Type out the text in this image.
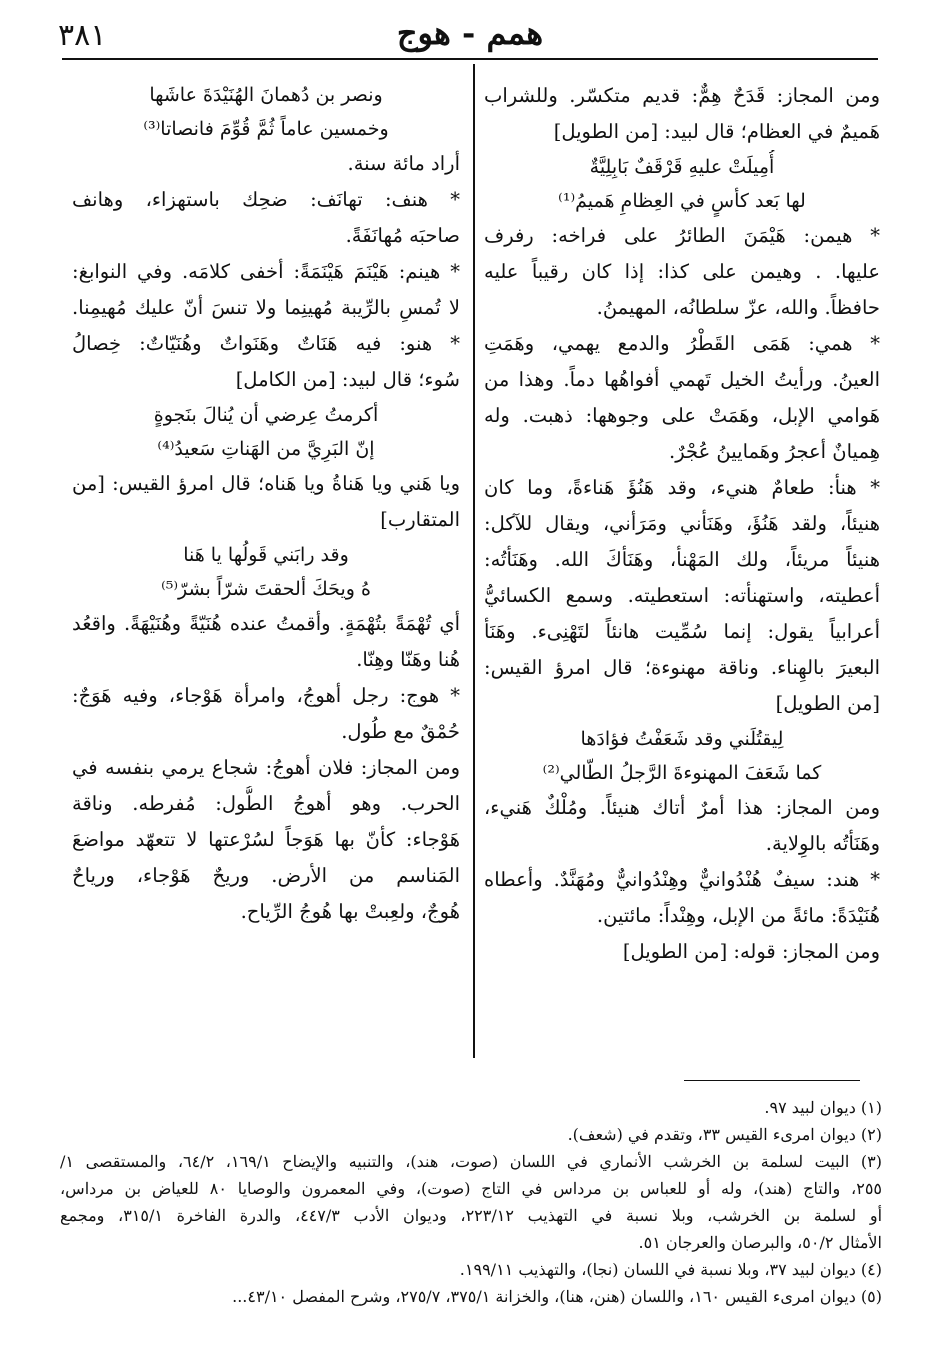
همم - هوج
٣٨١
ومن المجاز: قَدَحٌ هِمٌّ: قديم متكسّر. وللشراب
هَميمٌ في العظام؛ قال لبيد: [من الطويل]
أُمِيلَتْ عليهِ قَرْقَفٌ بَابِلِيَّةٌ
لها بَعد كأسٍ في العِظامِ هَميمُ⁽¹⁾
* هيمن: هَيْمَنَ الطائرُ على فراخه: رفرف
عليها. . وهيمن على كذا: إذا كان رقيباً عليه
حافظاً. والله، عزّ سلطانُه، المهيمنُ.
* همي: هَمَى القَطْرُ والدمع يهمي، وهَمَتِ
العينُ. ورأيتُ الخيل تَهمي أفواهُها دماً. وهذا من
هَوامي الإبل، وهَمَتْ على وجوهها: ذهبت. وله
هِميانٌ أعجرُ وهَمايينُ عُجْرٌ.
* هنأ: طعامٌ هنيء، وقد هَنُؤَ هَناءةً، وما كان
هنيئاً، ولقد هَنُؤَ، وهَنَأني ومَرَأني، ويقال للآكل:
هنيئاً مريئاً، ولك المَهْنأ، وهَنَأكَ الله. وهَنَأتُه:
أعطيته، واستهنأته: استعطيته. وسمع الكسائيُّ
أعرابياً يقول: إنما سُمِّيت هانئاً لتَهْنِىء. وهَنَأ
البعيرَ بالهِناء. وناقة مهنوءة؛ قال امرؤ القيس:
[من الطويل]
لِيقتُلَني وقد شَعَفْتُ فؤادَها
كما شَعَفَ المهنوءةَ الرَّجلُ الطّالي⁽²⁾
ومن المجاز: هذا أمرٌ أتاك هنيئاً. ومُلْكٌ هَنيء،
وهَنَأتُه بالوِلاية.
* هند: سيفٌ هُنْدُوانيٌّ وهِنْدُوانيٌّ ومُهَنَّدٌ. وأعطاه
هُنَيْدَةً: مائةً من الإبل، وهِنْداً: مائتين.
ومن المجاز: قوله: [من الطويل]
ونصر بن دُهمانَ الهُنَيْدَةَ عاشَها
وخمسين عاماً ثُمَّ قُوِّمَ فانصاتا⁽³⁾
أراد مائة سنة.
* هنف: تهانَف: ضحِك باستهزاء، وهانف
صاحبَه مُهانَفَةً.
* هينم: هَيْنَمَ هَيْنَمَةً: أخفى كلامَه. وفي النوابغ:
لا تُمسِ بالرِّيبة مُهينِما ولا تنسَ أنّ عليك مُهيمِنا.
* هنو: فيه هَنَاتٌ وهَنَواتٌ وهُنَيّاتٌ: خِصالُ
سُوء؛ قال لبيد: [من الكامل]
أكرمتُ عِرضي أن يُنالَ بنَجوةٍ
إنّ البَرِيَّ من الهَناتِ سَعيدُ⁽⁴⁾
ويا هَني ويا هَناةُ ويا هَناه؛ قال امرؤ القيس: [من
المتقارب]
وقد رابَني قَولُها يا هَنا
هُ ويحَكَ ألحقتَ شرّاً بشرّ⁽⁵⁾
أي تُهْمَةً بتُهْمَةٍ. وأقمتُ عنده هُنَيّةً وهُنَيْهَةً. واقعُد
هُنا وهَنّا وهِنّا.
* هوج: رجل أهوجُ، وامرأة هَوْجاء، وفيه هَوَجٌ:
حُمْقٌ مع طُول.
ومن المجاز: فلان أهوجُ: شجاع يرمي بنفسه في
الحرب. وهو أهوجُ الطُّول: مُفرطه. وناقة
هَوْجاء: كأنّ بها هَوَجاً لسُرْعتها لا تتعهّد مواضعَ
المَناسم من الأرض. وريحٌ هَوْجاء، ورياحٌ
هُوجٌ، ولعِبتْ بها هُوجُ الرِّياح.
(١) ديوان لبيد ٩٧.
(٢) ديوان امرىء القيس ٣٣، وتقدم في (شعف).
(٣) البيت لسلمة بن الخرشب الأنماري في اللسان (صوت، هند)، والتنبيه والإيضاح ١٦٩/١، ٦٤/٢، والمستقصى ١/
٢٥٥، والتاج (هند)، وله أو للعباس بن مرداس في التاج (صوت)، وفي المعمرون والوصايا ٨٠ للعياض بن مرداس،
أو لسلمة بن الخرشب، وبلا نسبة في التهذيب ٢٢٣/١٢، وديوان الأدب ٤٤٧/٣، والدرة الفاخرة ٣١٥/١، ومجمع
الأمثال ٥٠/٢، والبرصان والعرجان ٥١.
(٤) ديوان لبيد ٣٧، وبلا نسبة في اللسان (نجا)، والتهذيب ١٩٩/١١.
(٥) ديوان امرىء القيس ١٦٠، واللسان (هنن، هنا)، والخزانة ٣٧٥/١، ٢٧٥/٧، وشرح المفصل ٤٣/١٠...
